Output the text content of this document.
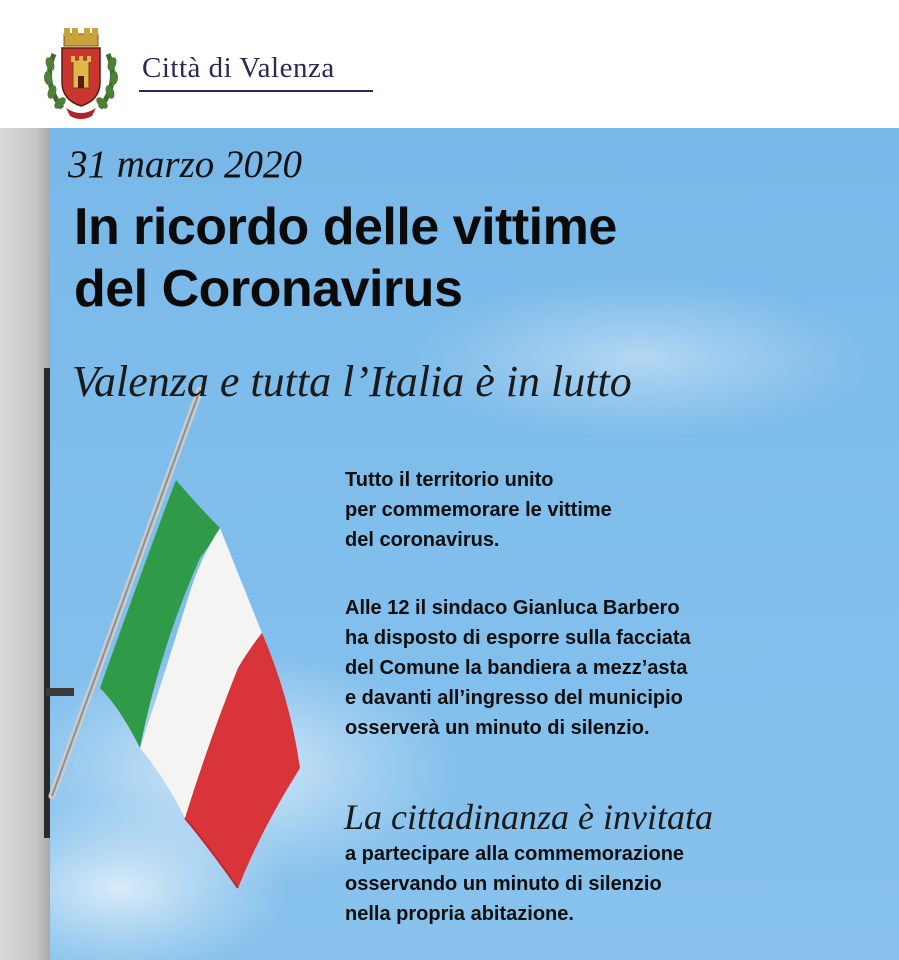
Città di Valenza
31 marzo 2020
In ricordo delle vittime
del Coronavirus
Valenza e tutta l’Italia è in lutto
Tutto il territorio unito
per commemorare le vittime
del coronavirus.
Alle 12 il sindaco Gianluca Barbero
ha disposto di esporre sulla facciata
del Comune la bandiera a mezz’asta
e davanti all’ingresso del municipio
osserverà un minuto di silenzio.
La cittadinanza è invitata
a partecipare alla commemorazione
osservando un minuto di silenzio
nella propria abitazione.
